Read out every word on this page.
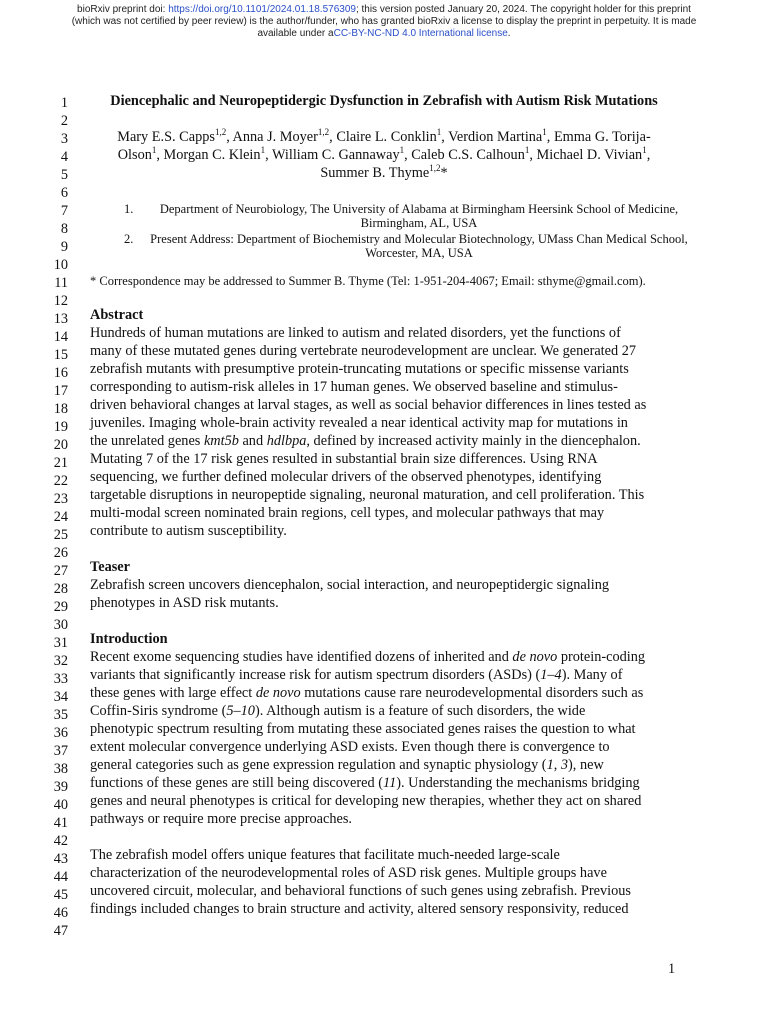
bioRxiv preprint doi: https://doi.org/10.1101/2024.01.18.576309; this version posted January 20, 2024. The copyright holder for this preprint
(which was not certified by peer review) is the author/funder, who has granted bioRxiv a license to display the preprint in perpetuity. It is made
available under aCC-BY-NC-ND 4.0 International license.
1
2
3
4
5
6
7
8
9
10
11
12
13
14
15
16
17
18
19
20
21
22
23
24
25
26
27
28
29
30
31
32
33
34
35
36
37
38
39
40
41
42
43
44
45
46
47
Diencephalic and Neuropeptidergic Dysfunction in Zebrafish with Autism Risk Mutations
Mary E.S. Capps$^{1,2}$, Anna J. Moyer$^{1,2}$, Claire L. Conklin$^1$, Verdion Martina$^1$, Emma G. Torija-
Olson$^1$, Morgan C. Klein$^1$, William C. Gannaway$^1$, Caleb C.S. Calhoun$^1$, Michael D. Vivian$^1$,
Summer B. Thyme$^{1,2}$*
1.	Department of Neurobiology, The University of Alabama at Birmingham Heersink School of Medicine,
Birmingham, AL, USA
2.	Present Address: Department of Biochemistry and Molecular Biotechnology, UMass Chan Medical School,
Worcester, MA, USA
* Correspondence may be addressed to Summer B. Thyme (Tel: 1-951-204-4067; Email: sthyme@gmail.com).
Abstract
Hundreds of human mutations are linked to autism and related disorders, yet the functions of
many of these mutated genes during vertebrate neurodevelopment are unclear. We generated 27
zebrafish mutants with presumptive protein-truncating mutations or specific missense variants
corresponding to autism-risk alleles in 17 human genes. We observed baseline and stimulus-
driven behavioral changes at larval stages, as well as social behavior differences in lines tested as
juveniles. Imaging whole-brain activity revealed a near identical activity map for mutations in
the unrelated genes kmt5b and hdlbpa, defined by increased activity mainly in the diencephalon.
Mutating 7 of the 17 risk genes resulted in substantial brain size differences. Using RNA
sequencing, we further defined molecular drivers of the observed phenotypes, identifying
targetable disruptions in neuropeptide signaling, neuronal maturation, and cell proliferation. This
multi-modal screen nominated brain regions, cell types, and molecular pathways that may
contribute to autism susceptibility.
Teaser
Zebrafish screen uncovers diencephalon, social interaction, and neuropeptidergic signaling
phenotypes in ASD risk mutants.
Introduction
Recent exome sequencing studies have identified dozens of inherited and de novo protein-coding
variants that significantly increase risk for autism spectrum disorders (ASDs) (1–4). Many of
these genes with large effect de novo mutations cause rare neurodevelopmental disorders such as
Coffin-Siris syndrome (5–10). Although autism is a feature of such disorders, the wide
phenotypic spectrum resulting from mutating these associated genes raises the question to what
extent molecular convergence underlying ASD exists. Even though there is convergence to
general categories such as gene expression regulation and synaptic physiology (1, 3), new
functions of these genes are still being discovered (11). Understanding the mechanisms bridging
genes and neural phenotypes is critical for developing new therapies, whether they act on shared
pathways or require more precise approaches.
The zebrafish model offers unique features that facilitate much-needed large-scale
characterization of the neurodevelopmental roles of ASD risk genes. Multiple groups have
uncovered circuit, molecular, and behavioral functions of such genes using zebrafish. Previous
findings included changes to brain structure and activity, altered sensory responsivity, reduced
1
